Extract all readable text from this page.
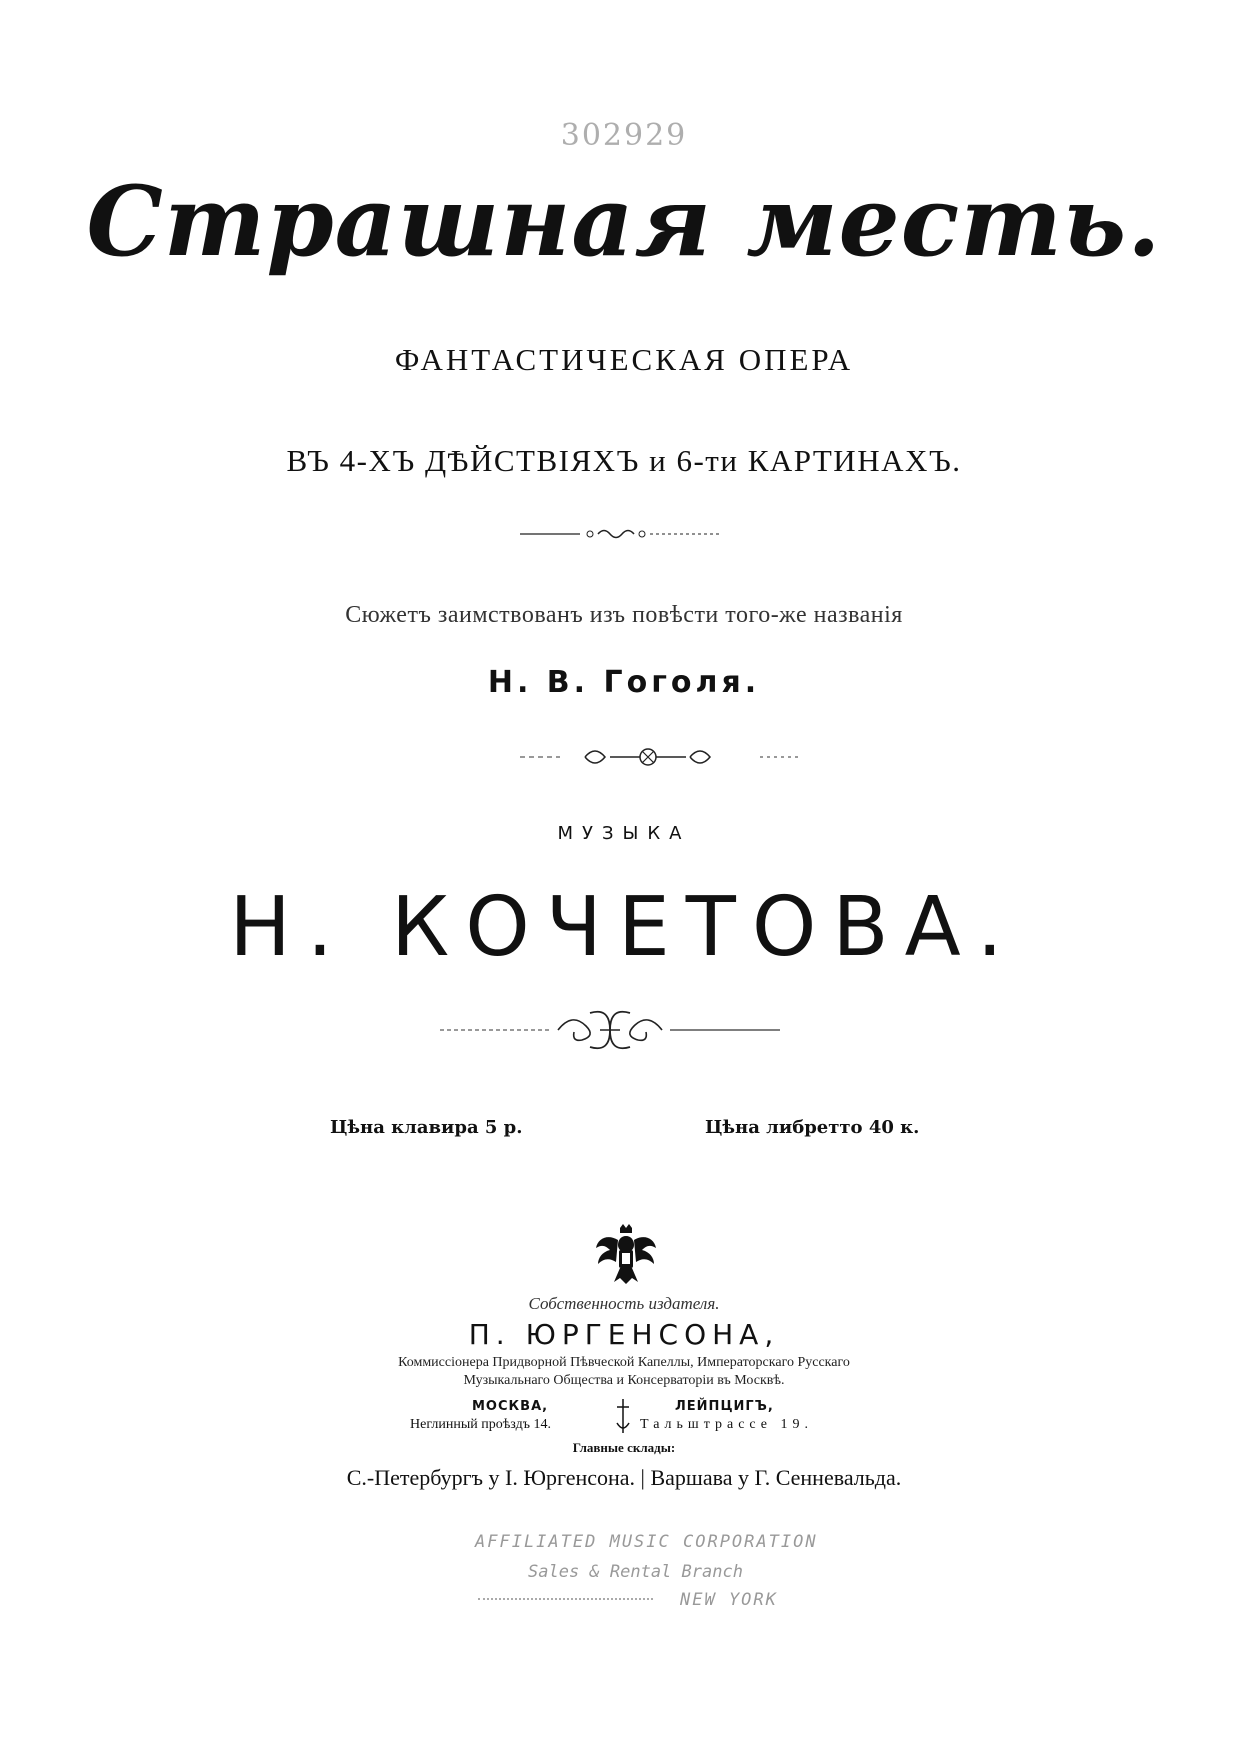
302929
Страшная месть.
ФАНТАСТИЧЕСКАЯ ОПЕРА
ВЪ 4-ХЪ ДѢЙСТВІЯХЪ и 6-ти КАРТИНАХЪ.
Сюжетъ заимствованъ изъ повѣсти того-же названія
Н. В. Гоголя.
МУЗЫКА
Н. КОЧЕТОВА.
Цѣна клавира 5 р.	Цѣна либретто 40 к.
Собственность издателя.
П. ЮРГЕНСОНА,
Коммиссіонера Придворной Пѣвческой Капеллы, Императорскаго Русскаго
Музыкальнаго Общества и Консерваторіи въ Москвѣ.
МОСКВА,	ЛЕЙПЦИГЪ,
Неглинный проѣздъ 14.	Тальштрассе 19.
Главные склады:
С.-Петербургъ у І. Юргенсона. | Варшава у Г. Сенневальда.
AFFILIATED MUSIC CORPORATION
Sales & Rental Branch
NEW YORK
